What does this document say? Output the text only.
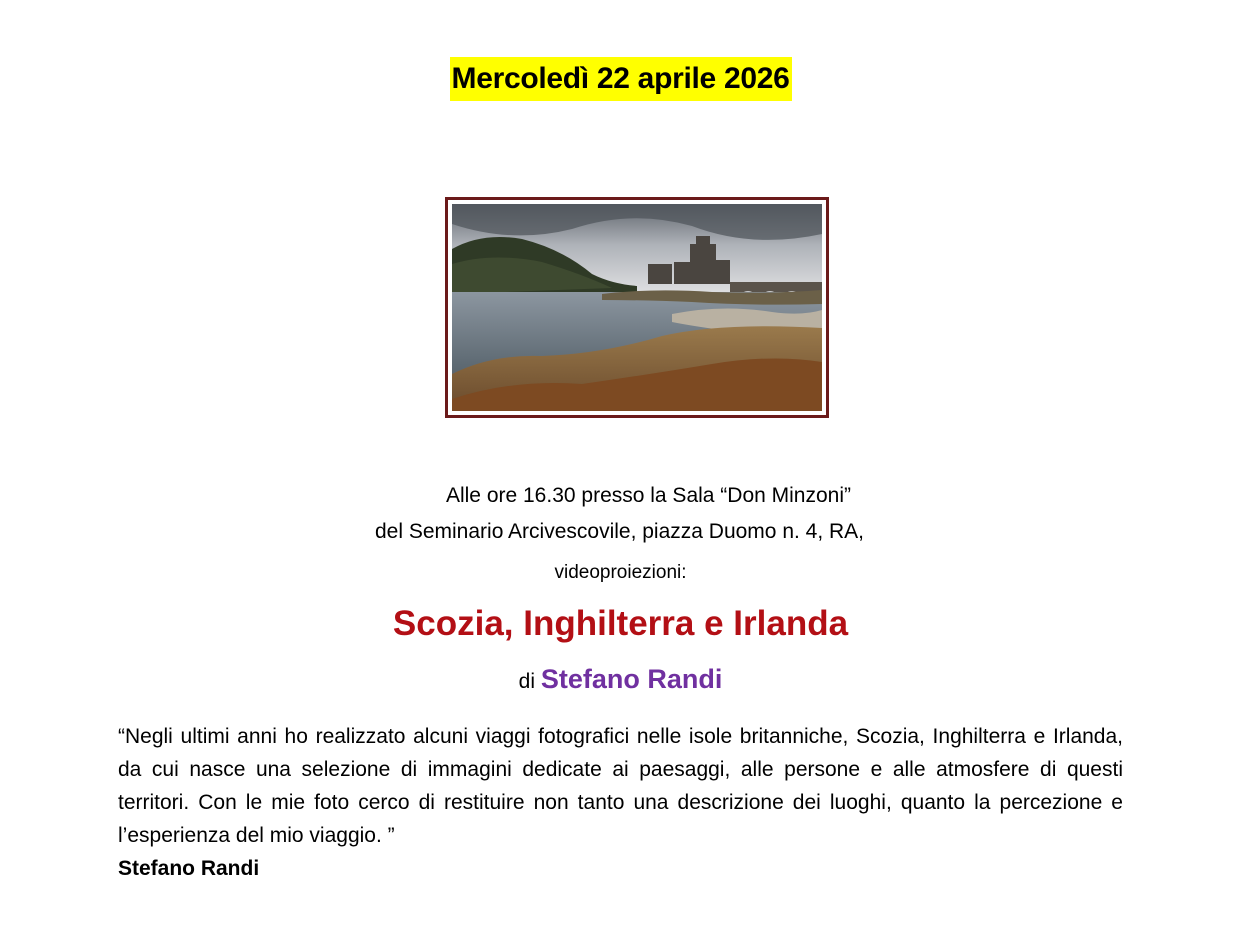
Mercoledì 22 aprile 2026
Alle ore 16.30 presso la Sala “Don Minzoni”
del Seminario Arcivescovile, piazza Duomo n. 4, RA,
videoproiezioni:
Scozia, Inghilterra e Irlanda
di Stefano Randi
“Negli ultimi anni ho realizzato alcuni viaggi fotografici nelle isole britanniche, Scozia, Inghilterra e Irlanda, da cui nasce una selezione di immagini dedicate ai paesaggi, alle persone e alle atmosfere di questi territori. Con le mie foto cerco di restituire non tanto una descrizione dei luoghi, quanto la percezione e l’esperienza del mio viaggio. ”
Stefano Randi
